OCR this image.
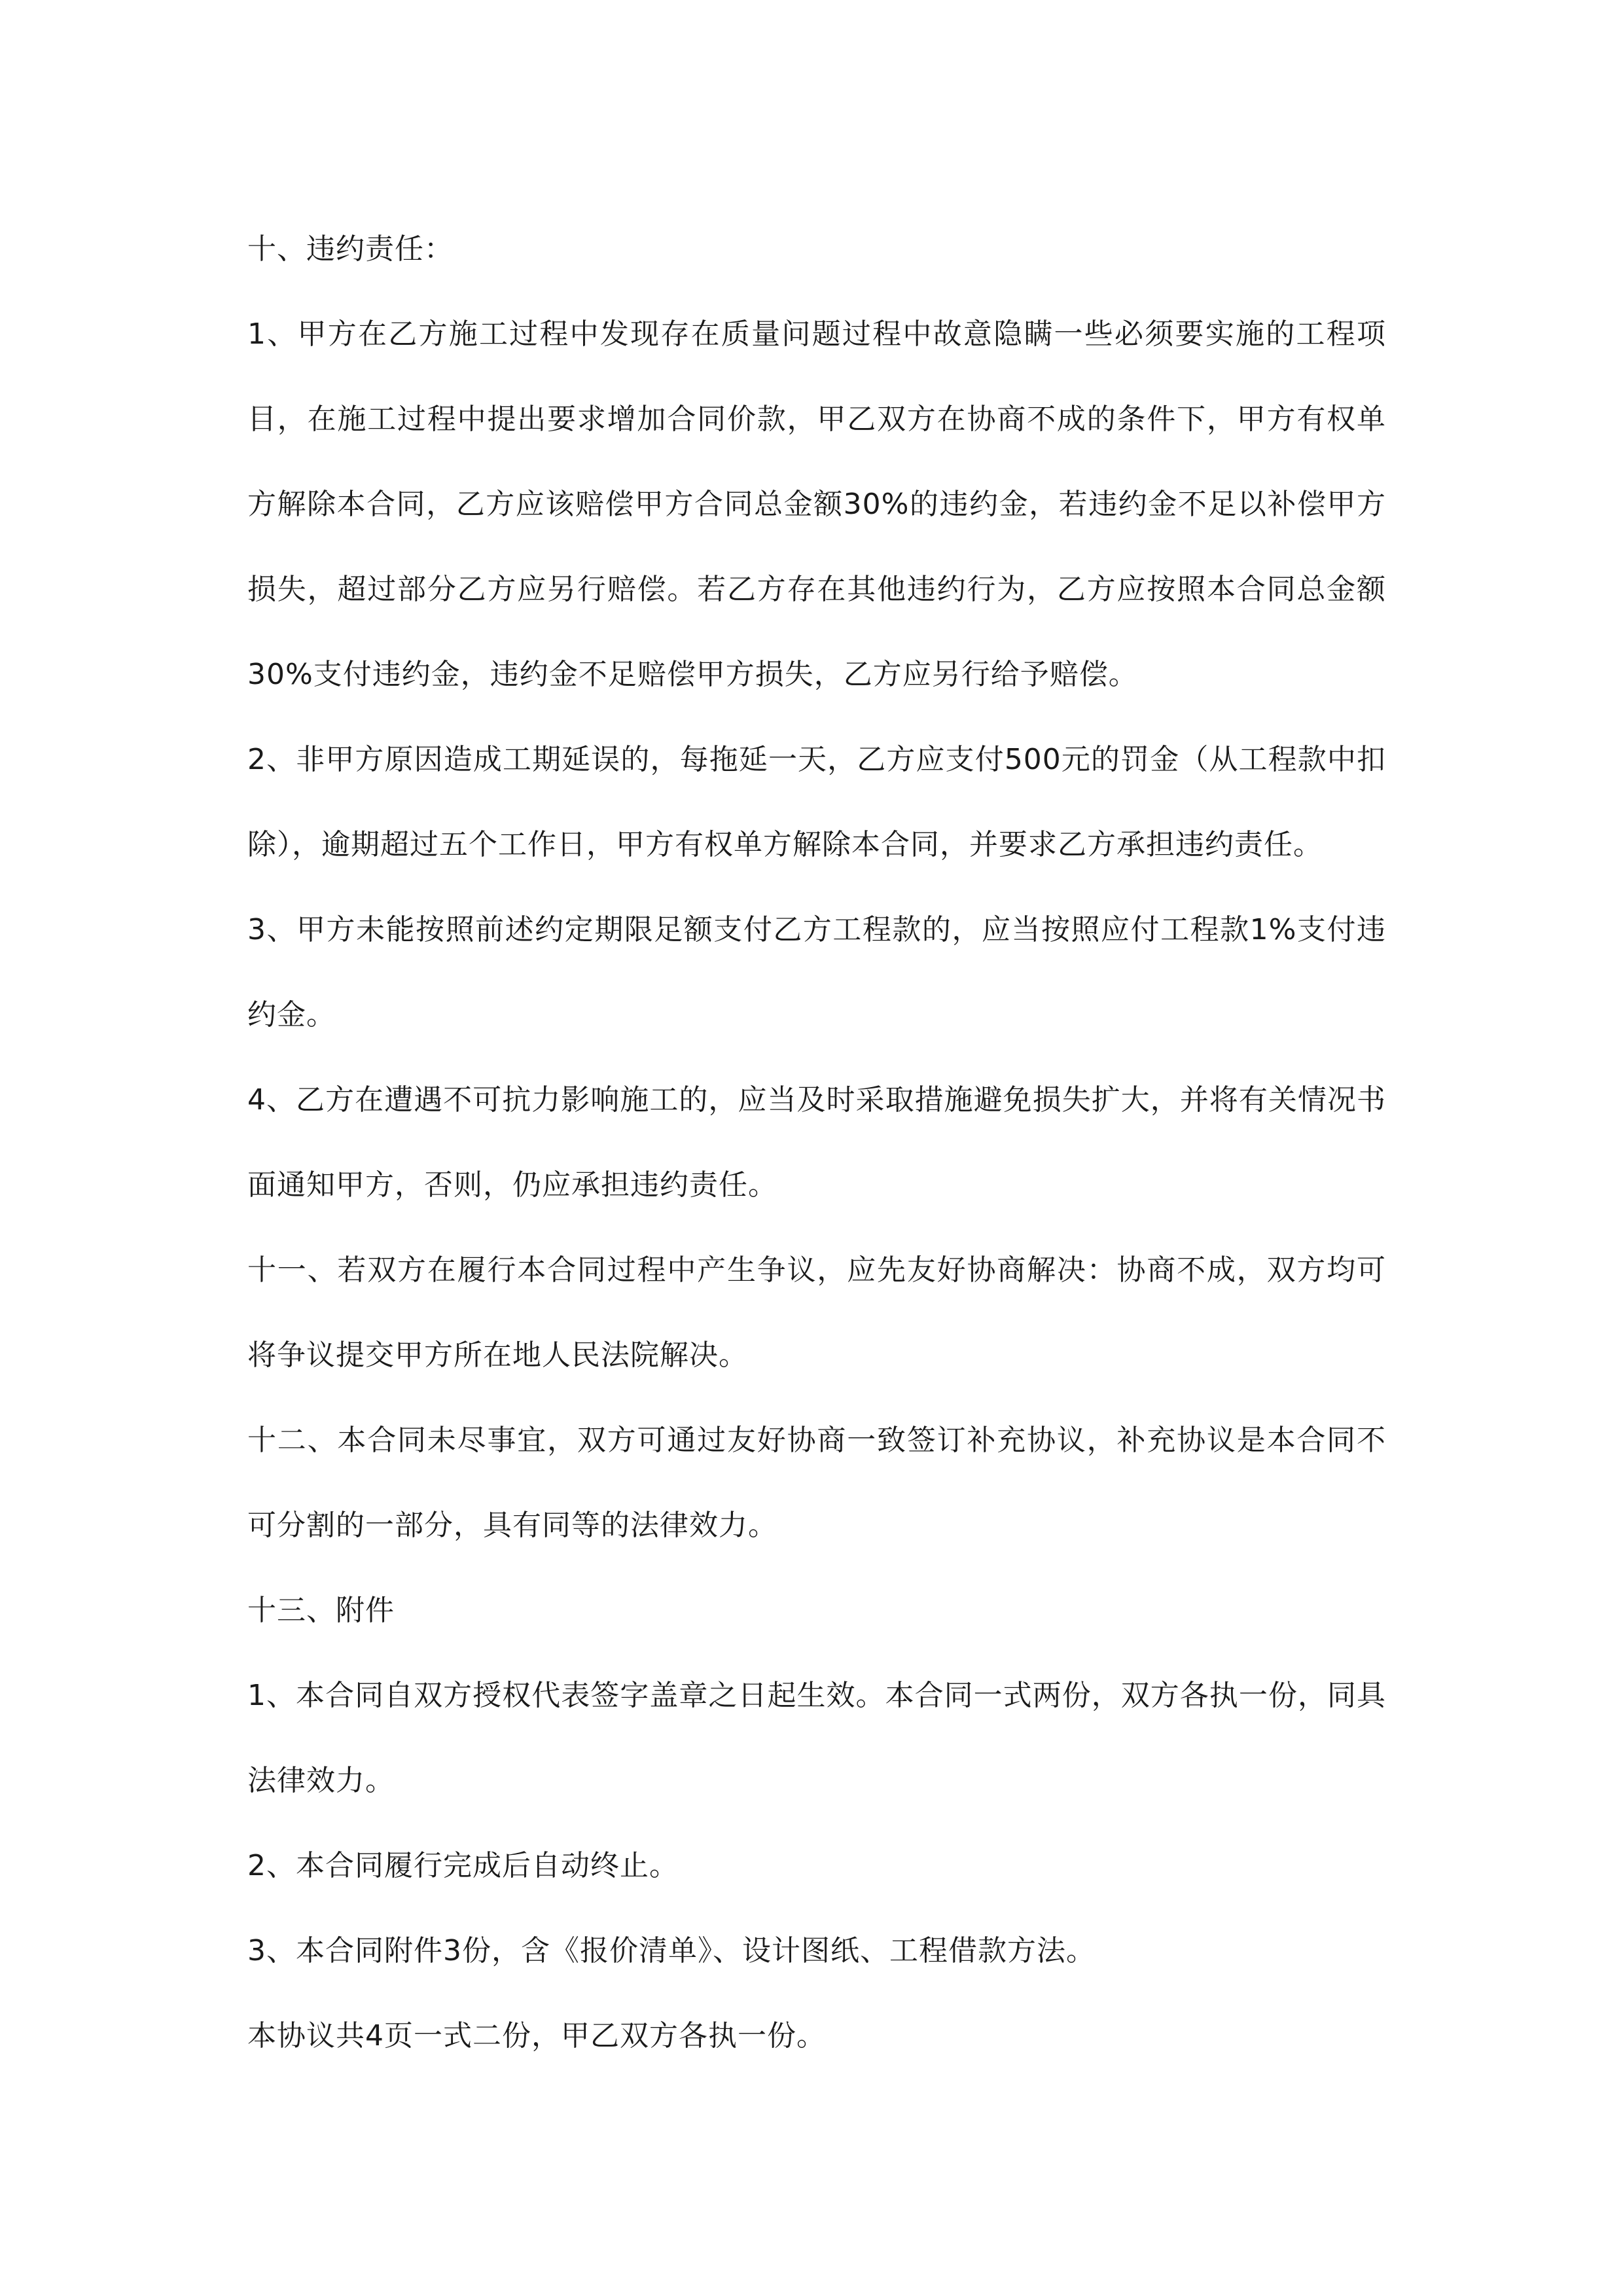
十、违约责任：

1、甲方在乙方施工过程中发现存在质量问题过程中故意隐瞒一些必须要实施的工程项目，在施工过程中提出要求增加合同价款，甲乙双方在协商不成的条件下，甲方有权单方解除本合同，乙方应该赔偿甲方合同总金额30%的违约金，若违约金不足以补偿甲方损失，超过部分乙方应另行赔偿。若乙方存在其他违约行为，乙方应按照本合同总金额30%支付违约金，违约金不足赔偿甲方损失，乙方应另行给予赔偿。

2、非甲方原因造成工期延误的，每拖延一天，乙方应支付500元的罚金（从工程款中扣除），逾期超过五个工作日，甲方有权单方解除本合同，并要求乙方承担违约责任。

3、甲方未能按照前述约定期限足额支付乙方工程款的，应当按照应付工程款1%支付违约金。

4、乙方在遭遇不可抗力影响施工的，应当及时采取措施避免损失扩大，并将有关情况书面通知甲方，否则，仍应承担违约责任。

十一、若双方在履行本合同过程中产生争议，应先友好协商解决：协商不成，双方均可将争议提交甲方所在地人民法院解决。

十二、本合同未尽事宜，双方可通过友好协商一致签订补充协议，补充协议是本合同不可分割的一部分，具有同等的法律效力。

十三、附件

1、本合同自双方授权代表签字盖章之日起生效。本合同一式两份，双方各执一份，同具法律效力。

2、本合同履行完成后自动终止。

3、本合同附件3份，含《报价清单》、设计图纸、工程借款方法。

本协议共4页一式二份，甲乙双方各执一份。
